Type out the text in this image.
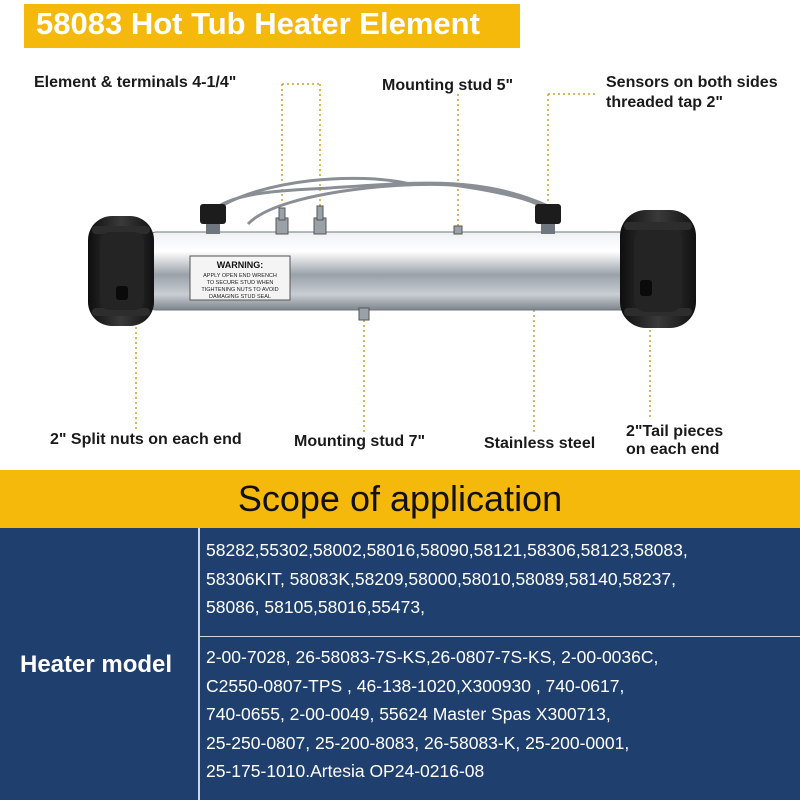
58083 Hot Tub Heater Element
WARNING:
APPLY OPEN END WRENCH
TO SECURE STUD WHEN
TIGHTENING NUTS TO AVOID
DAMAGING STUD SEAL
Element & terminals 4-1/4"	Mounting stud 5"	Sensors on both sides
threaded tap 2"
2" Split nuts on each end	Mounting stud 7"	Stainless steel
2"Tail pieces
on each end
Scope of application
Heater model
58282,55302,58002,58016,58090,58121,58306,58123,58083,
58306KIT, 58083K,58209,58000,58010,58089,58140,58237,
58086, 58105,58016,55473,
2-00-7028, 26-58083-7S-KS,26-0807-7S-KS, 2-00-0036C,
C2550-0807-TPS , 46-138-1020,X300930 , 740-0617,
740-0655, 2-00-0049, 55624 Master Spas X300713,
25-250-0807, 25-200-8083, 26-58083-K, 25-200-0001,
25-175-1010.Artesia OP24-0216-08
